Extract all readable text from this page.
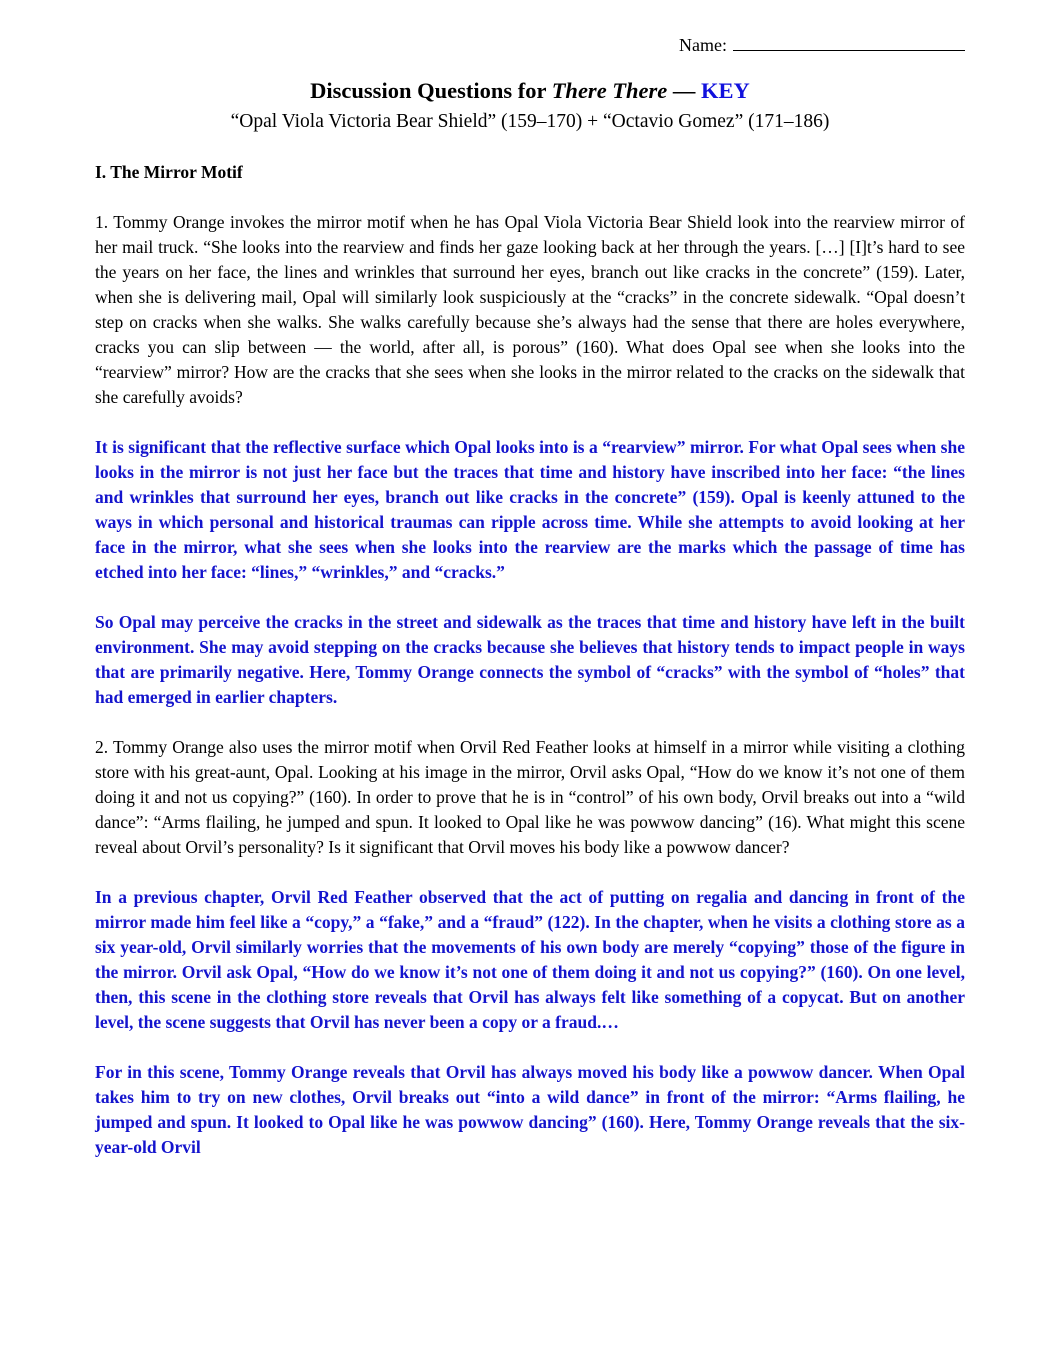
Name:
Discussion Questions for There There — KEY
“Opal Viola Victoria Bear Shield” (159–170) + “Octavio Gomez” (171–186)
I. The Mirror Motif

1. Tommy Orange invokes the mirror motif when he has Opal Viola Victoria Bear Shield look into the rearview mirror of her mail truck. “She looks into the rearview and finds her gaze looking back at her through the years. […] [I]t’s hard to see the years on her face, the lines and wrinkles that surround her eyes, branch out like cracks in the concrete” (159). Later, when she is delivering mail, Opal will similarly look suspiciously at the “cracks” in the concrete sidewalk. “Opal doesn’t step on cracks when she walks. She walks carefully because she’s always had the sense that there are holes everywhere, cracks you can slip between — the world, after all, is porous” (160). What does Opal see when she looks into the “rearview” mirror? How are the cracks that she sees when she looks in the mirror related to the cracks on the sidewalk that she carefully avoids?

It is significant that the reflective surface which Opal looks into is a “rearview” mirror. For what Opal sees when she looks in the mirror is not just her face but the traces that time and history have inscribed into her face: “the lines and wrinkles that surround her eyes, branch out like cracks in the concrete” (159). Opal is keenly attuned to the ways in which personal and historical traumas can ripple across time. While she attempts to avoid looking at her face in the mirror, what she sees when she looks into the rearview are the marks which the passage of time has etched into her face: “lines,” “wrinkles,” and “cracks.”

So Opal may perceive the cracks in the street and sidewalk as the traces that time and history have left in the built environment. She may avoid stepping on the cracks because she believes that history tends to impact people in ways that are primarily negative. Here, Tommy Orange connects the symbol of “cracks” with the symbol of “holes” that had emerged in earlier chapters.

2. Tommy Orange also uses the mirror motif when Orvil Red Feather looks at himself in a mirror while visiting a clothing store with his great-aunt, Opal. Looking at his image in the mirror, Orvil asks Opal, “How do we know it’s not one of them doing it and not us copying?” (160). In order to prove that he is in “control” of his own body, Orvil breaks out into a “wild dance”: “Arms flailing, he jumped and spun. It looked to Opal like he was powwow dancing” (16). What might this scene reveal about Orvil’s personality? Is it significant that Orvil moves his body like a powwow dancer?

In a previous chapter, Orvil Red Feather observed that the act of putting on regalia and dancing in front of the mirror made him feel like a “copy,” a “fake,” and a “fraud” (122). In the chapter, when he visits a clothing store as a six year-old, Orvil similarly worries that the movements of his own body are merely “copying” those of the figure in the mirror. Orvil ask Opal, “How do we know it’s not one of them doing it and not us copying?” (160). On one level, then, this scene in the clothing store reveals that Orvil has always felt like something of a copycat. But on another level, the scene suggests that Orvil has never been a copy or a fraud.…

For in this scene, Tommy Orange reveals that Orvil has always moved his body like a powwow dancer. When Opal takes him to try on new clothes, Orvil breaks out “into a wild dance” in front of the mirror: “Arms flailing, he jumped and spun. It looked to Opal like he was powwow dancing” (160). Here, Tommy Orange reveals that the six-year-old Orvil
